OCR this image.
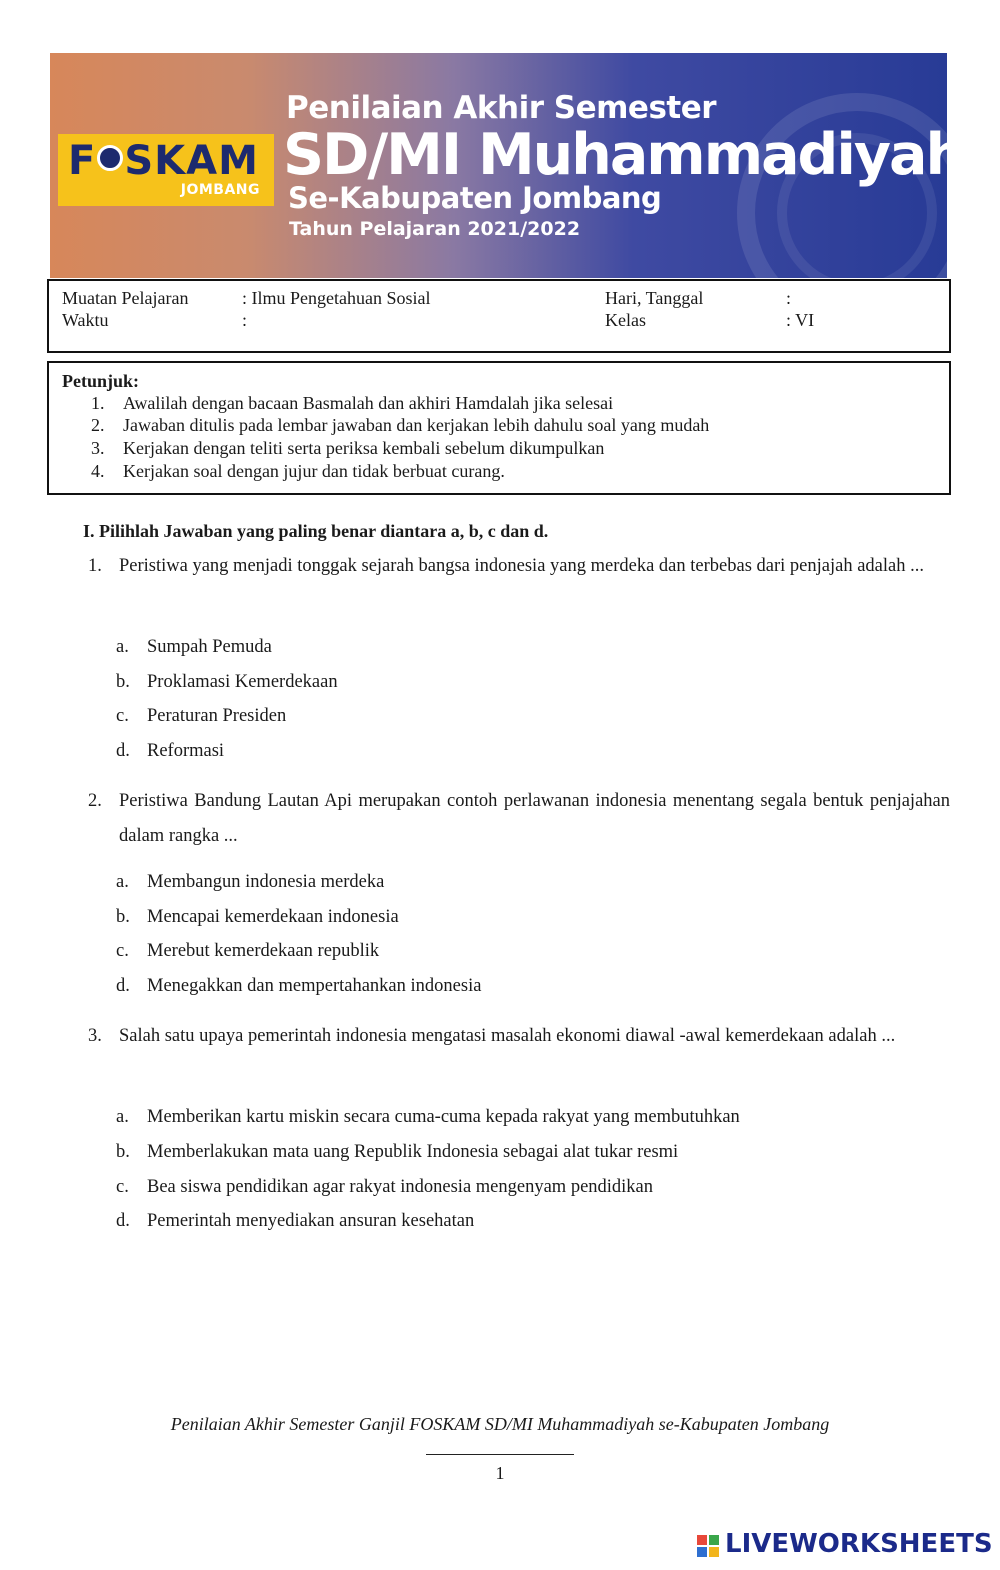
F SKAM
JOMBANG
Penilaian Akhir Semester
SD/MI Muhammadiyah
Se-Kabupaten Jombang
Tahun Pelajaran 2021/2022
Muatan Pelajaran	: Ilmu Pengetahuan Sosial	Hari, Tanggal	:
Waktu	:	Kelas	: VI
Petunjuk:
1. Awalilah dengan bacaan Basmalah dan akhiri Hamdalah jika selesai
2. Jawaban ditulis pada lembar jawaban dan kerjakan lebih dahulu soal yang mudah
3. Kerjakan dengan teliti serta periksa kembali sebelum dikumpulkan
4. Kerjakan soal dengan jujur dan tidak berbuat curang.
I. Pilihlah Jawaban yang paling benar diantara a, b, c dan d.
1. Peristiwa yang menjadi tonggak sejarah bangsa indonesia yang merdeka dan terbebas dari penjajah adalah ...
a. Sumpah Pemuda
b. Proklamasi Kemerdekaan
c. Peraturan Presiden
d. Reformasi
2. Peristiwa Bandung Lautan Api merupakan contoh perlawanan indonesia menentang segala bentuk penjajahan dalam rangka ...
a. Membangun indonesia merdeka
b. Mencapai kemerdekaan indonesia
c. Merebut kemerdekaan republik
d. Menegakkan dan mempertahankan indonesia
3. Salah satu upaya pemerintah indonesia mengatasi masalah ekonomi diawal -awal kemerdekaan adalah ...
a. Memberikan kartu miskin secara cuma-cuma kepada rakyat yang membutuhkan
b. Memberlakukan mata uang Republik Indonesia sebagai alat tukar resmi
c. Bea siswa pendidikan agar rakyat indonesia mengenyam pendidikan
d. Pemerintah menyediakan ansuran kesehatan
Penilaian Akhir Semester Ganjil FOSKAM SD/MI Muhammadiyah se-Kabupaten Jombang
1
LIVEWORKSHEETS
